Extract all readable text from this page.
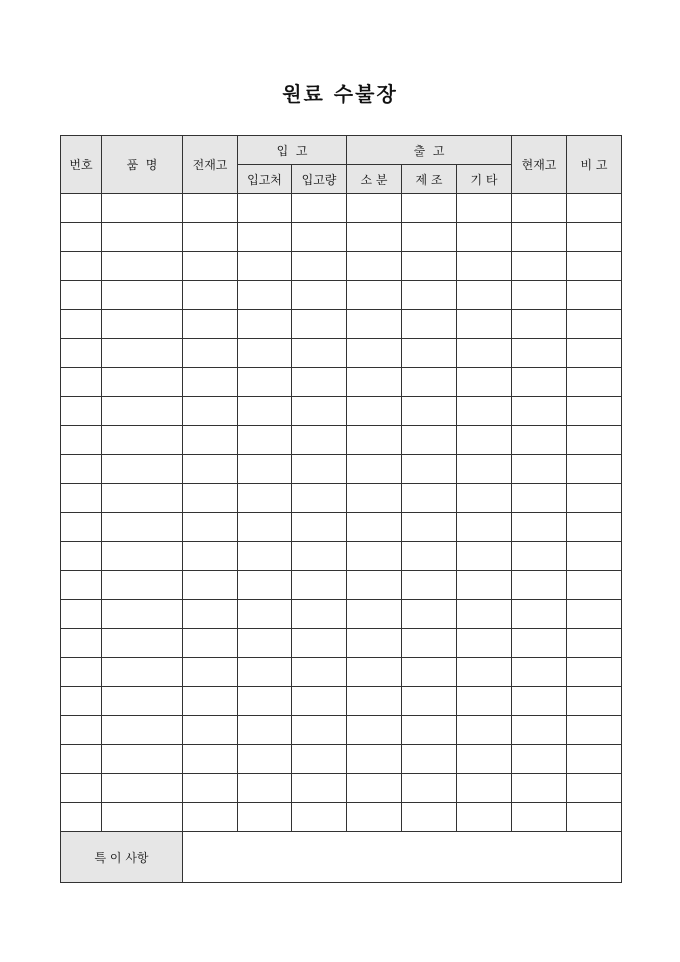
원료 수불장
번호	품  명	전재고	입  고		출  고			현재고	비 고
			입고처	입고량	소 분	제 조	기 타		

특 이 사항									
